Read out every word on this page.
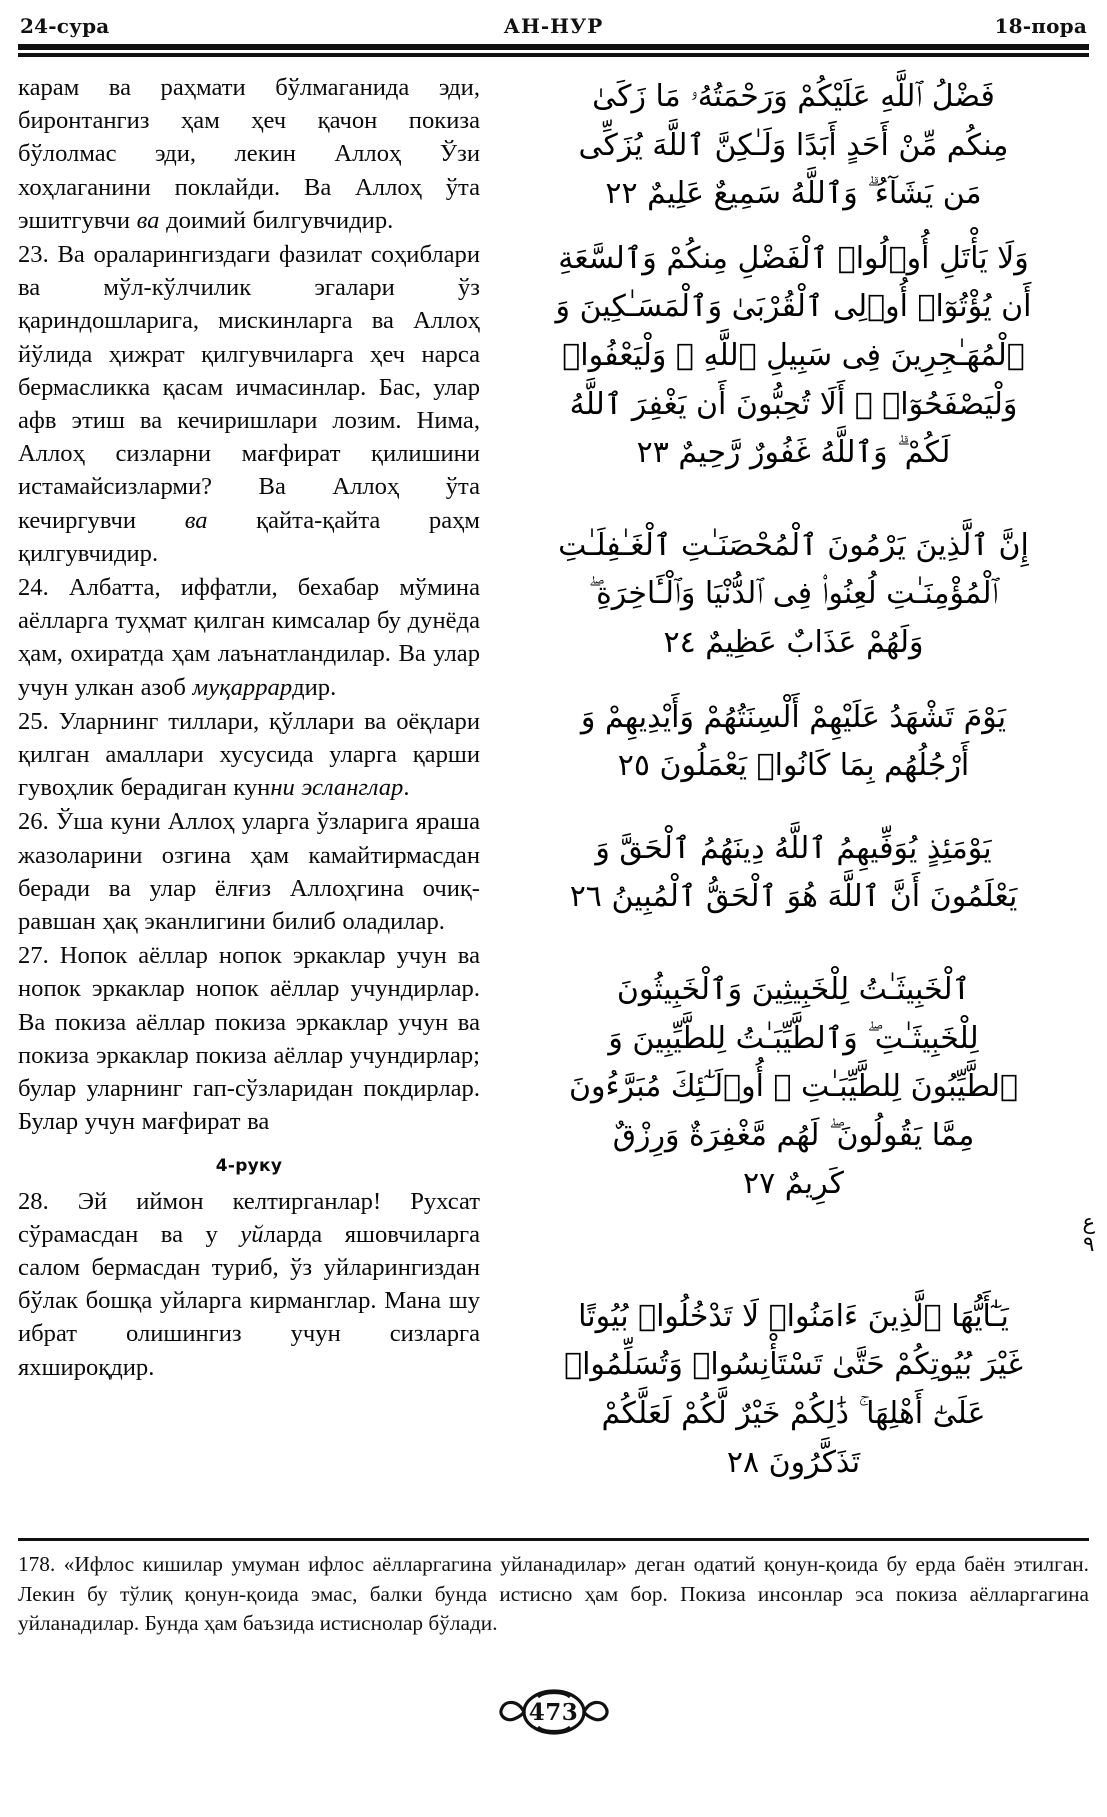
24-сура	АН-НУР	18-пора

карам ва раҳмати бўлмаганида эди, биронтангиз ҳам ҳеч қачон покиза бўлолмас эди, лекин Аллоҳ Ўзи хоҳлаганини поклайди. Ва Аллоҳ ўта эшитгувчи ва доимий билгувчидир.

23. Ва ораларингиздаги фазилат соҳиблари ва мўл-кўлчилик эгалари ўз қариндошларига, мискинларга ва Аллоҳ йўлида ҳижрат қилгувчиларга ҳеч нарса бермасликка қасам ичмасинлар. Бас, улар афв этиш ва кечиришлари лозим. Нима, Аллоҳ сизларни мағфират қилишини истамайсизларми? Ва Аллоҳ ўта кечиргувчи ва қайта-қайта раҳм қилгувчидир.

24. Албатта, иффатли, бехабар мўмина аёлларга туҳмат қилган кимсалар бу дунёда ҳам, охиратда ҳам лаънатландилар. Ва улар учун улкан азоб муқаррардир.

25. Уларнинг тиллари, қўллари ва оёқлари қилган амаллари хусусида уларга қарши гувоҳлик берадиган кунни эсланглар.

26. Ўша куни Аллоҳ уларга ўзларига яраша жазоларини озгина ҳам камайтирмасдан беради ва улар ёлғиз Аллоҳгина очиқ-равшан ҳақ эканлигини билиб оладилар.

27. Нопок аёллар нопок эркаклар учун ва нопок эркаклар нопок аёллар учундирлар. Ва покиза аёллар покиза эркаклар учун ва покиза эркаклар покиза аёллар учундирлар; булар уларнинг гап-сўзларидан покдирлар. Булар учун мағфират ва

4-руку

28. Эй иймон келтирганлар! Рухсат сўрамасдан ва у уйларда яшовчиларга салом бермасдан туриб, ўз уйларингиздан бўлак бошқа уйларга кирманглар. Мана шу ибрат олишингиз учун сизларга яхшироқдир.

فَضْلُ ٱللَّهِ عَلَيْكُمْ وَرَحْمَتُهُۥ مَا زَكَىٰ
مِنكُم مِّنْ أَحَدٍ أَبَدًا وَلَـٰكِنَّ ٱللَّهَ يُزَكِّى
مَن يَشَآءُ ۗ وَٱللَّهُ سَمِيعٌ عَلِيمٌ ٢٢
وَلَا يَأْتَلِ أُو۟لُوا۟ ٱلْفَضْلِ مِنكُمْ وَٱلسَّعَةِ
أَن يُؤْتُوٓا۟ أُو۟لِى ٱلْقُرْبَىٰ وَٱلْمَسَـٰكِينَ وَ
ٱلْمُهَـٰجِرِينَ فِى سَبِيلِ ٱللَّهِ ۖ وَلْيَعْفُوا۟
وَلْيَصْفَحُوٓا۟ ۗ أَلَا تُحِبُّونَ أَن يَغْفِرَ ٱللَّهُ
لَكُمْ ۗ وَٱللَّهُ غَفُورٌ رَّحِيمٌ ٢٣
إِنَّ ٱلَّذِينَ يَرْمُونَ ٱلْمُحْصَنَـٰتِ ٱلْغَـٰفِلَـٰتِ
ٱلْمُؤْمِنَـٰتِ لُعِنُوا۟ فِى ٱلدُّنْيَا وَٱلْـَٔاخِرَةِ ۖ
وَلَهُمْ عَذَابٌ عَظِيمٌ ٢٤
يَوْمَ تَشْهَدُ عَلَيْهِمْ أَلْسِنَتُهُمْ وَأَيْدِيهِمْ وَ
أَرْجُلُهُم بِمَا كَانُوا۟ يَعْمَلُونَ ٢٥
يَوْمَئِذٍ يُوَفِّيهِمُ ٱللَّهُ دِينَهُمُ ٱلْحَقَّ وَ
يَعْلَمُونَ أَنَّ ٱللَّهَ هُوَ ٱلْحَقُّ ٱلْمُبِينُ ٢٦
ٱلْخَبِيثَـٰتُ لِلْخَبِيثِينَ وَٱلْخَبِيثُونَ
لِلْخَبِيثَـٰتِ ۖ وَٱلطَّيِّبَـٰتُ لِلطَّيِّبِينَ وَ
ٱلطَّيِّبُونَ لِلطَّيِّبَـٰتِ ۚ أُو۟لَـٰٓئِكَ مُبَرَّءُونَ
مِمَّا يَقُولُونَ ۖ لَهُم مَّغْفِرَةٌ وَرِزْقٌ
كَرِيمٌ ٢٧
ع
٩
يَـٰٓأَيُّهَا ٱلَّذِينَ ءَامَنُوا۟ لَا تَدْخُلُوا۟ بُيُوتًا
غَيْرَ بُيُوتِكُمْ حَتَّىٰ تَسْتَأْنِسُوا۟ وَتُسَلِّمُوا۟
عَلَىٰٓ أَهْلِهَا ۚ ذَٰلِكُمْ خَيْرٌ لَّكُمْ لَعَلَّكُمْ
تَذَكَّرُونَ ٢٨

178. «Ифлос кишилар умуман ифлос аёлларгагина уйланадилар» деган одатий қонун-қоида бу ерда баён этилган. Лекин бу тўлиқ қонун-қоида эмас, балки бунда истисно ҳам бор. Покиза инсонлар эса покиза аёлларгагина уйланадилар. Бунда ҳам баъзида истиснолар бўлади.

473
